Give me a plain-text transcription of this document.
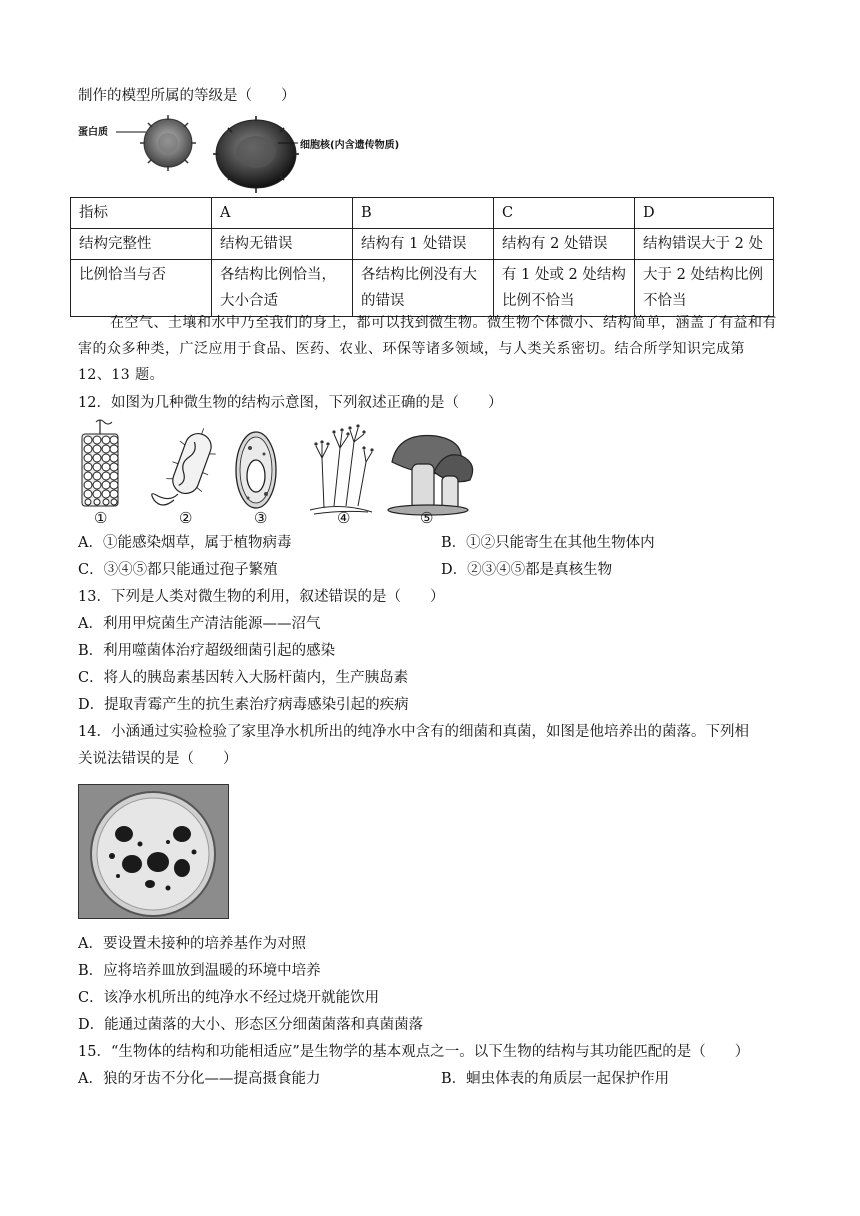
制作的模型所属的等级是（　　）
蛋白质
细胞核(内含遗传物质)
指标	A	B	C	D
结构完整性	结构无错误	结构有 1 处错误	结构有 2 处错误	结构错误大于 2 处
比例恰当与否	各结构比例恰当，大小合适	各结构比例没有大的错误	有 1 处或 2 处结构比例不恰当	大于 2 处结构比例不恰当
在空气、土壤和水中乃至我们的身上，都可以找到微生物。微生物个体微小、结构简单，涵盖了有益和有害的众多种类，广泛应用于食品、医药、农业、环保等诸多领域，与人类关系密切。结合所学知识完成第 12、13 题。
12．如图为几种微生物的结构示意图，下列叙述正确的是（　　）
①	②	③	④	⑤
A．①能感染烟草，属于植物病毒	B．①②只能寄生在其他生物体内
C．③④⑤都只能通过孢子繁殖	D．②③④⑤都是真核生物
13．下列是人类对微生物的利用，叙述错误的是（　　）
A．利用甲烷菌生产清洁能源——沼气
B．利用噬菌体治疗超级细菌引起的感染
C．将人的胰岛素基因转入大肠杆菌内，生产胰岛素
D．提取青霉产生的抗生素治疗病毒感染引起的疾病
14．小涵通过实验检验了家里净水机所出的纯净水中含有的细菌和真菌，如图是他培养出的菌落。下列相
关说法错误的是（　　）
A．要设置未接种的培养基作为对照
B．应将培养皿放到温暖的环境中培养
C．该净水机所出的纯净水不经过烧开就能饮用
D．能通过菌落的大小、形态区分细菌菌落和真菌菌落
15．“生物体的结构和功能相适应”是生物学的基本观点之一。以下生物的结构与其功能匹配的是（　　）
A．狼的牙齿不分化——提高摄食能力	B．蛔虫体表的角质层一起保护作用
